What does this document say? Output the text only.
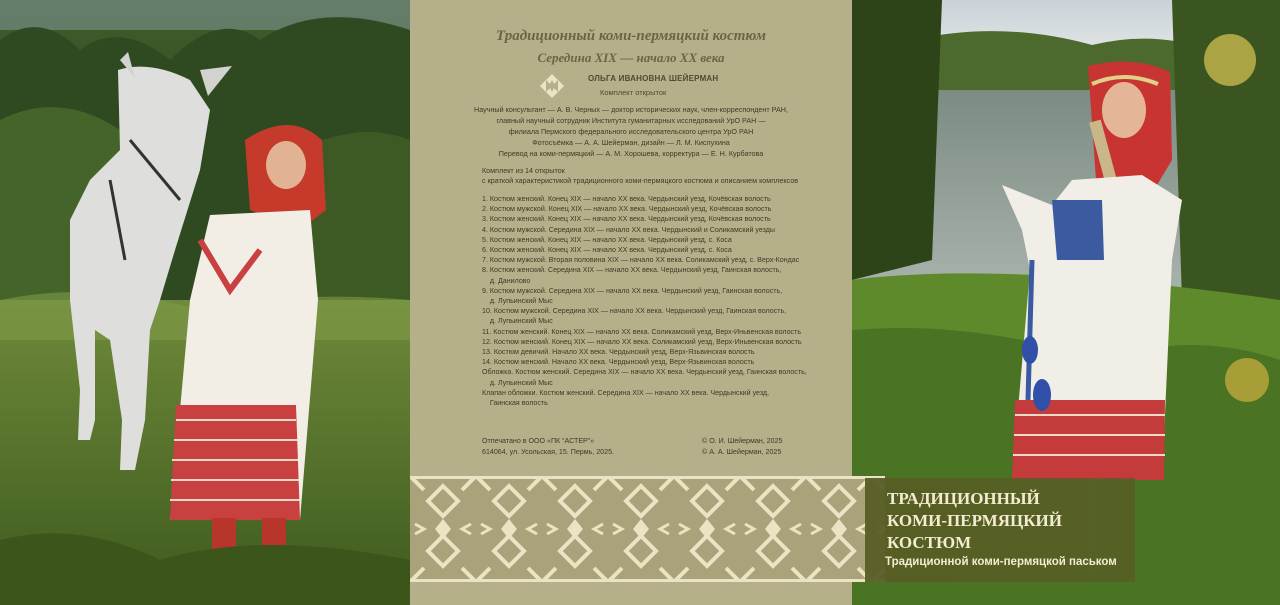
Традиционный коми-пермяцкий костюм
Середина XIX — начало XX века
ОЛЬГА ИВАНОВНА ШЕЙЕРМАН
Комплект открыток
Научный консультант — А. В. Черных — доктор исторических наук, член-корреспондент РАН,
главный научный сотрудник Института гуманитарных исследований УрО РАН —
филиала Пермского федерального исследовательского центра УрО РАН
Фотосъёмка — А. А. Шейерман, дизайн — Л. М. Кислухина
Перевод на коми-пермяцкий — А. М. Хорошева, корректура — Е. Н. Курбатова
Комплект из 14 открыток
с краткой характеристикой традиционного коми-пермяцкого костюма и описанием комплексов
1. Костюм женский. Конец XIX — начало XX века. Чердынский уезд, Кочёвская волость
2. Костюм мужской. Конец XIX — начало XX века. Чердынский уезд, Кочёвская волость
3. Костюм женский. Конец XIX — начало XX века. Чердынский уезд, Кочёвская волость
4. Костюм мужской. Середина XIX — начало XX века. Чердынский и Соликамский уезды
5. Костюм женский. Конец XIX — начало XX века. Чердынский уезд, с. Коса
6. Костюм женский. Конец XIX — начало XX века. Чердынский уезд, с. Коса
7. Костюм мужской. Вторая половина XIX — начало XX века. Соликамский уезд, с. Верх-Кондас
8. Костюм женский. Середина XIX — начало XX века. Чердынский уезд, Гаинская волость,
д. Данилово
9. Костюм мужской. Середина XIX — начало XX века. Чердынский уезд, Гаинская волость,
д. Лупьинский Мыс
10. Костюм мужской. Середина XIX — начало XX века. Чердынский уезд, Гаинская волость,
д. Лупьинский Мыс
11. Костюм женский. Конец XIX — начало XX века. Соликамский уезд, Верх-Иньвенская волость
12. Костюм женский. Конец XIX — начало XX века. Соликамский уезд, Верх-Иньвенская волость
13. Костюм девичий. Начало XX века. Чердынский уезд, Верх-Язьвинская волость
14. Костюм женский. Начало XX века. Чердынский уезд, Верх-Язьвинская волость
Обложка. Костюм женский. Середина XIX — начало XX века. Чердынский уезд, Гаинская волость,
д. Лупьинский Мыс
Клапан обложки. Костюм женский. Середина XIX — начало XX века. Чердынский уезд,
Гаинская волость
Отпечатано в ООО «ПК “АСТЕР”»
614064, ул. Усольская, 15. Пермь, 2025.
© О. И. Шейерман, 2025
© А. А. Шейерман, 2025
ТРАДИЦИОННЫЙ
КОМИ-ПЕРМЯЦКИЙ
КОСТЮМ
Традиционной коми-пермяцкой паськом
